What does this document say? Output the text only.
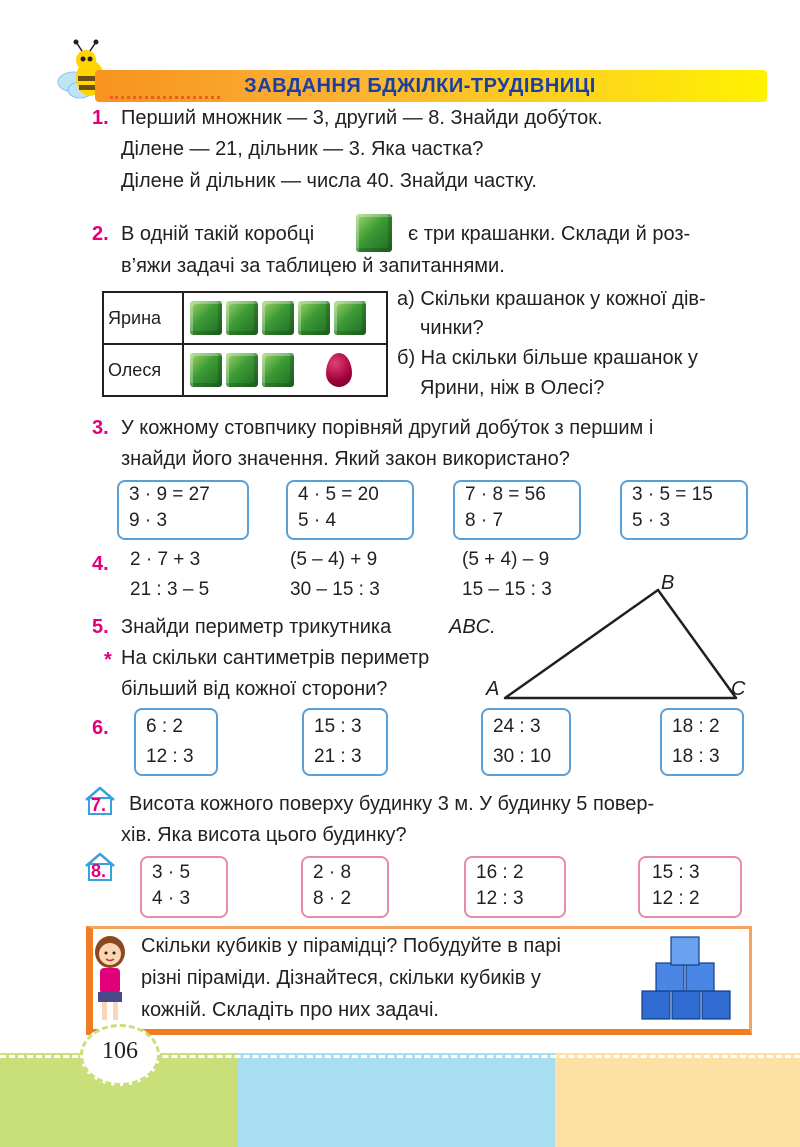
ЗАВДАННЯ БДЖІЛКИ-ТРУДІВНИЦІ
1. Перший множник — 3, другий — 8. Знайди добу́ток.
Ділене — 21, дільник — 3. Яка частка?
Ділене й дільник — числа 40. Знайди частку.
2. В одній такій коробці	є три крашанки. Склади й роз-
в’яжи задачі за таблицею й запитаннями.
Ярина	
Олеся	
а) Скільки крашанок у кожної дів-
чинки?
б) На скільки більше крашанок у
Ярини, ніж в Олесі?
3. У кожному стовпчику порівняй другий добу́ток з першим і
знайди його значення. Який закон використано?
3 · 9 = 27
9 · 3
4 · 5 = 20
5 · 4
7 · 8 = 56
8 · 7
3 · 5 = 15
5 · 3
4. 2 · 7 + 3
21 : 3 – 5
(5 – 4) + 9
30 – 15 : 3
(5 + 4) – 9
15 – 15 : 3
5. Знайди периметр трикутника	ABC.
* На скільки сантиметрів периметр
більший від кожної сторони?	A
B
C
6. 6 : 2
12 : 3
15 : 3
21 : 3
24 : 3
30 : 10
18 : 2
18 : 3
7. Висота кожного поверху будинку 3 м. У будинку 5 повер-
хів. Яка висота цього будинку?
8. 3 · 5
4 · 3
2 · 8
8 · 2
16 : 2
12 : 3
15 : 3
12 : 2
Скільки кубиків у пірамідці? Побудуйте в парі
різні піраміди. Дізнайтеся, скільки кубиків у
кожній. Складіть про них задачі.
106
